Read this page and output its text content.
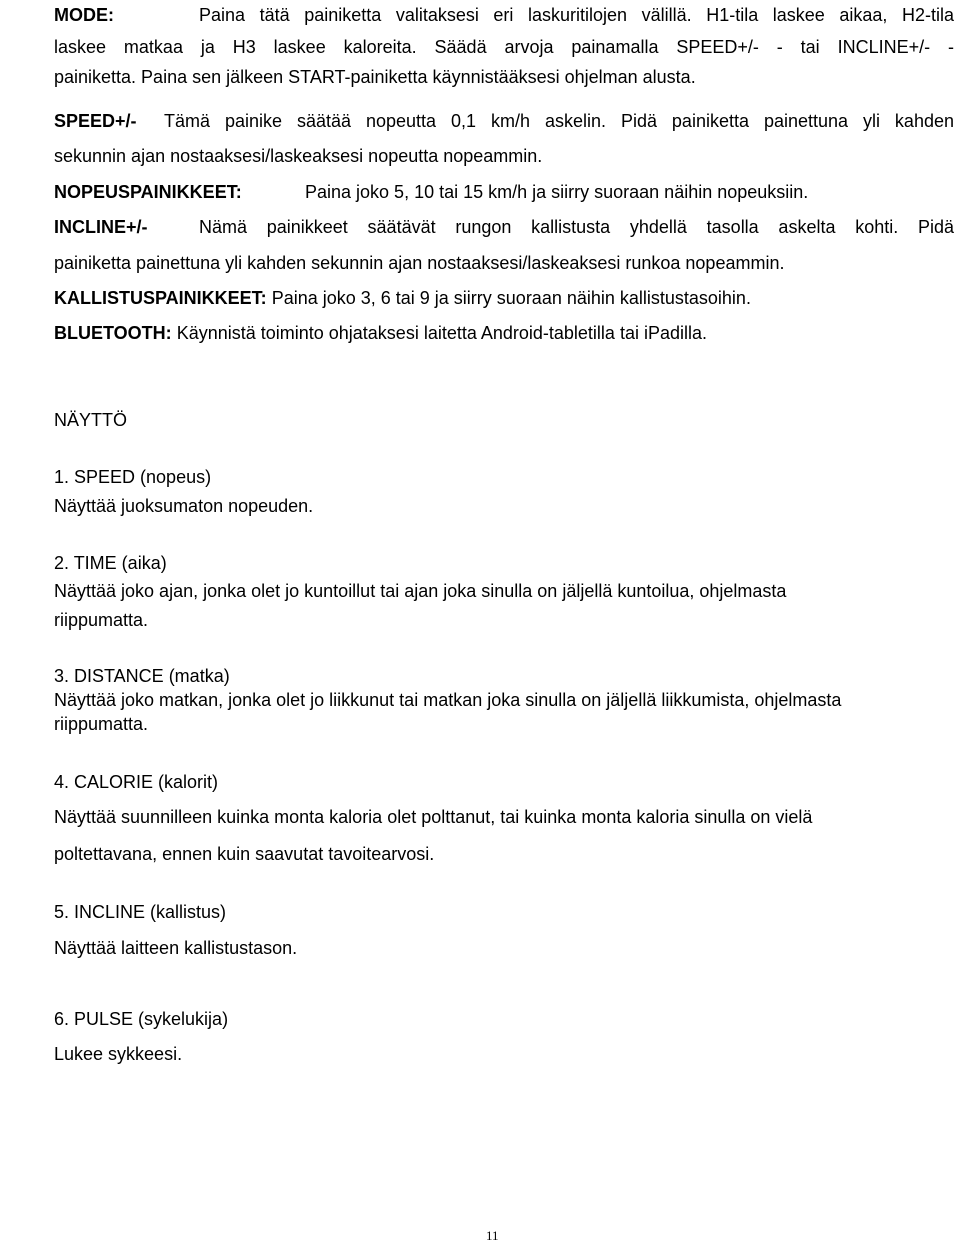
MODE:	Paina tätä painiketta valitaksesi eri laskuritilojen välillä. H1-tila laskee aikaa, H2-tila
laskee matkaa ja H3 laskee kaloreita. Säädä arvoja painamalla SPEED+/- - tai INCLINE+/- -
painiketta. Paina sen jälkeen START-painiketta käynnistääksesi ohjelman alusta.
SPEED+/- Tämä painike säätää nopeutta 0,1 km/h askelin. Pidä painiketta painettuna yli kahden
sekunnin ajan nostaaksesi/laskeaksesi nopeutta nopeammin.
NOPEUSPAINIKKEET:	Paina joko 5, 10 tai 15 km/h ja siirry suoraan näihin nopeuksiin.
INCLINE+/-	Nämä painikkeet säätävät rungon kallistusta yhdellä tasolla askelta kohti. Pidä
painiketta painettuna yli kahden sekunnin ajan nostaaksesi/laskeaksesi runkoa nopeammin.
KALLISTUSPAINIKKEET: Paina joko 3, 6 tai 9 ja siirry suoraan näihin kallistustasoihin.
BLUETOOTH: Käynnistä toiminto ohjataksesi laitetta Android-tabletilla tai iPadilla.
NÄYTTÖ
1. SPEED (nopeus)
Näyttää juoksumaton nopeuden.
2. TIME (aika)
Näyttää joko ajan, jonka olet jo kuntoillut tai ajan joka sinulla on jäljellä kuntoilua, ohjelmasta
riippumatta.
3. DISTANCE (matka)
Näyttää joko matkan, jonka olet jo liikkunut tai matkan joka sinulla on jäljellä liikkumista, ohjelmasta
riippumatta.
4. CALORIE (kalorit)
Näyttää suunnilleen kuinka monta kaloria olet polttanut, tai kuinka monta kaloria sinulla on vielä
poltettavana, ennen kuin saavutat tavoitearvosi.
5. INCLINE (kallistus)
Näyttää laitteen kallistustason.
6. PULSE (sykelukija)
Lukee sykkeesi.
11
